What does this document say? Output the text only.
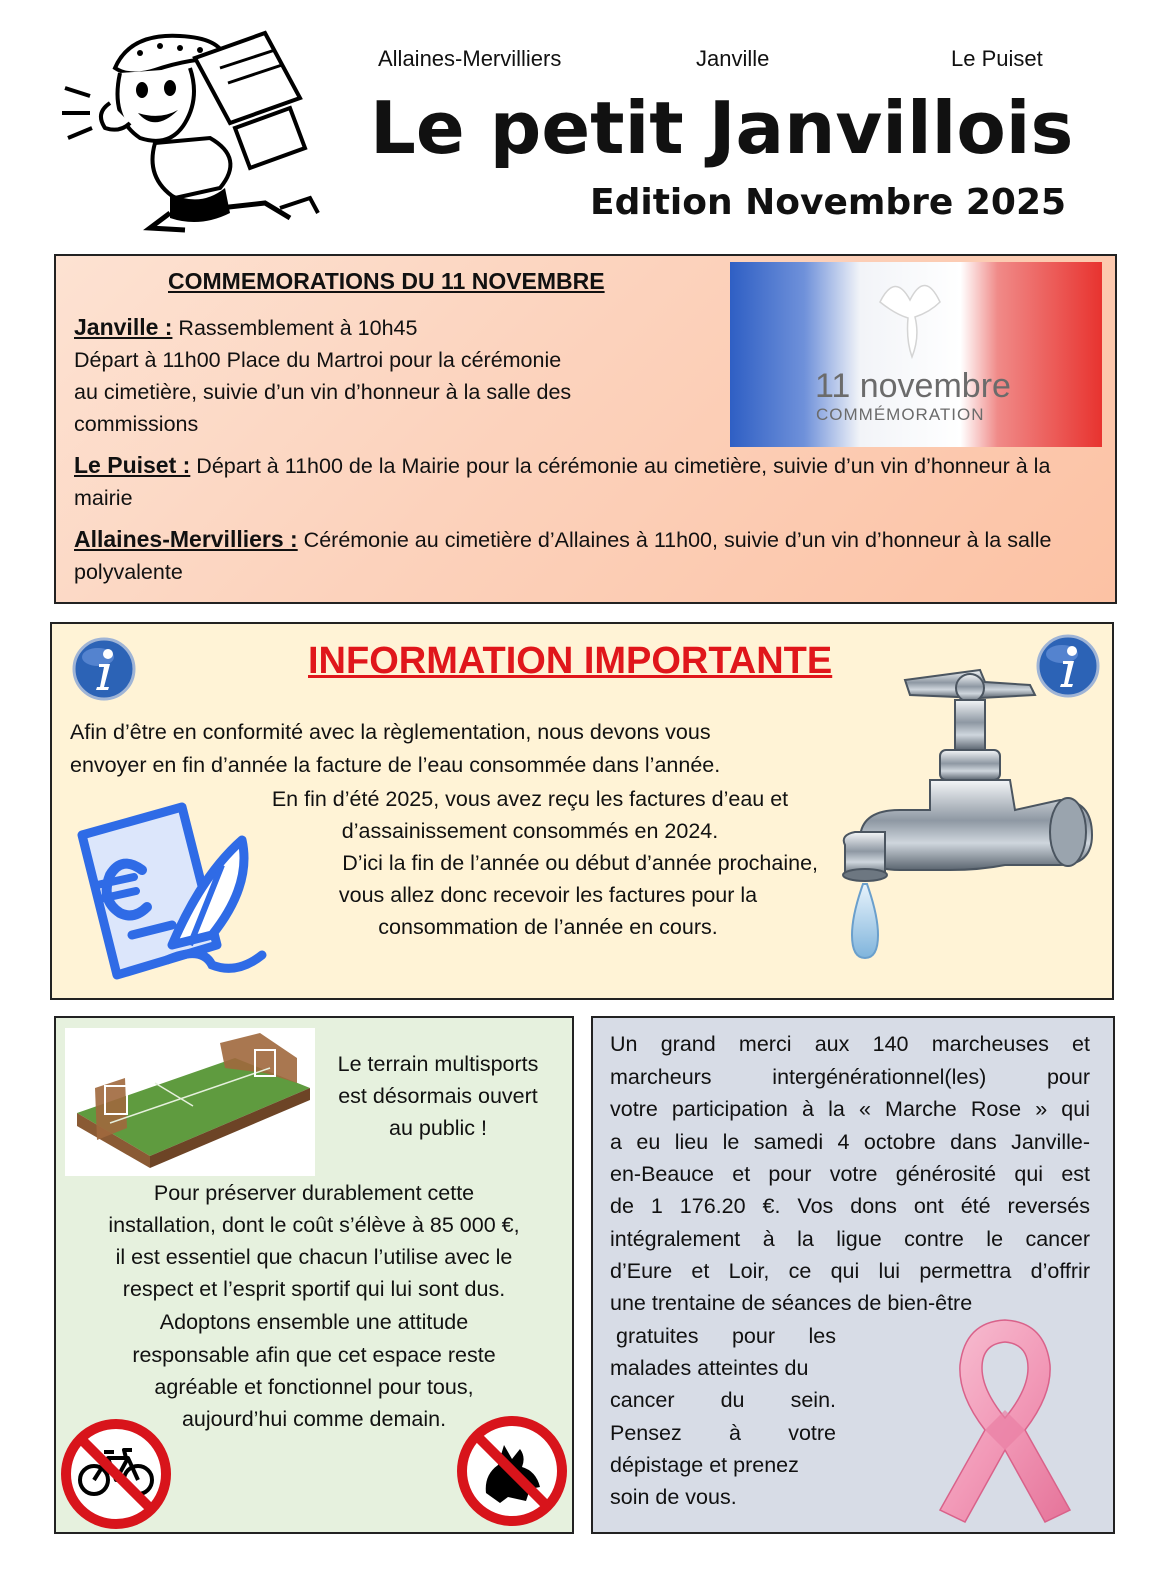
Allaines-Mervilliers	Janville	Le Puiset
Le petit Janvillois
Edition Novembre 2025
COMMEMORATIONS DU 11 NOVEMBRE
Janville : Rassemblement à 10h45
Départ à 11h00 Place du Martroi pour la cérémonie
au cimetière, suivie d’un vin d’honneur à la salle des
commissions
Le Puiset : Départ à 11h00 de la Mairie pour la cérémonie au cimetière, suivie d’un vin d’honneur à la mairie
Allaines-Mervilliers : Cérémonie au cimetière d’Allaines à 11h00, suivie d’un vin d’honneur à la salle polyvalente
11 novembre
COMMÉMORATION
INFORMATION IMPORTANTE
Afin d’être en conformité avec la règlementation, nous devons vous
envoyer en fin d’année la facture de l’eau consommée dans l’année.
En fin d’été 2025, vous avez reçu les factures d’eau et
d’assainissement consommés en 2024.
D’ici la fin de l’année ou début d’année prochaine,
vous allez donc recevoir les factures pour la
consommation de l’année en cours.
Le terrain multisports
est désormais ouvert
au public !
Pour préserver durablement cette
installation, dont le coût s’élève à 85 000 €,
il est essentiel que chacun l’utilise avec le
respect et l’esprit sportif qui lui sont dus.
Adoptons ensemble une attitude
responsable afin que cet espace reste
agréable et fonctionnel pour tous,
aujourd’hui comme demain.
Un grand merci aux 140 marcheuses et
marcheurs intergénérationnel(les) pour
votre participation à la « Marche Rose » qui
a eu lieu le samedi 4 octobre dans Janville-
en-Beauce et pour votre générosité qui est
de 1 176.20 €. Vos dons ont été reversés
intégralement à la ligue contre le cancer
d’Eure et Loir, ce qui lui permettra d’offrir
une trentaine de séances de bien-être
gratuites pour les
malades atteintes du
cancer du sein.
Pensez à votre
dépistage et prenez
soin de vous.
